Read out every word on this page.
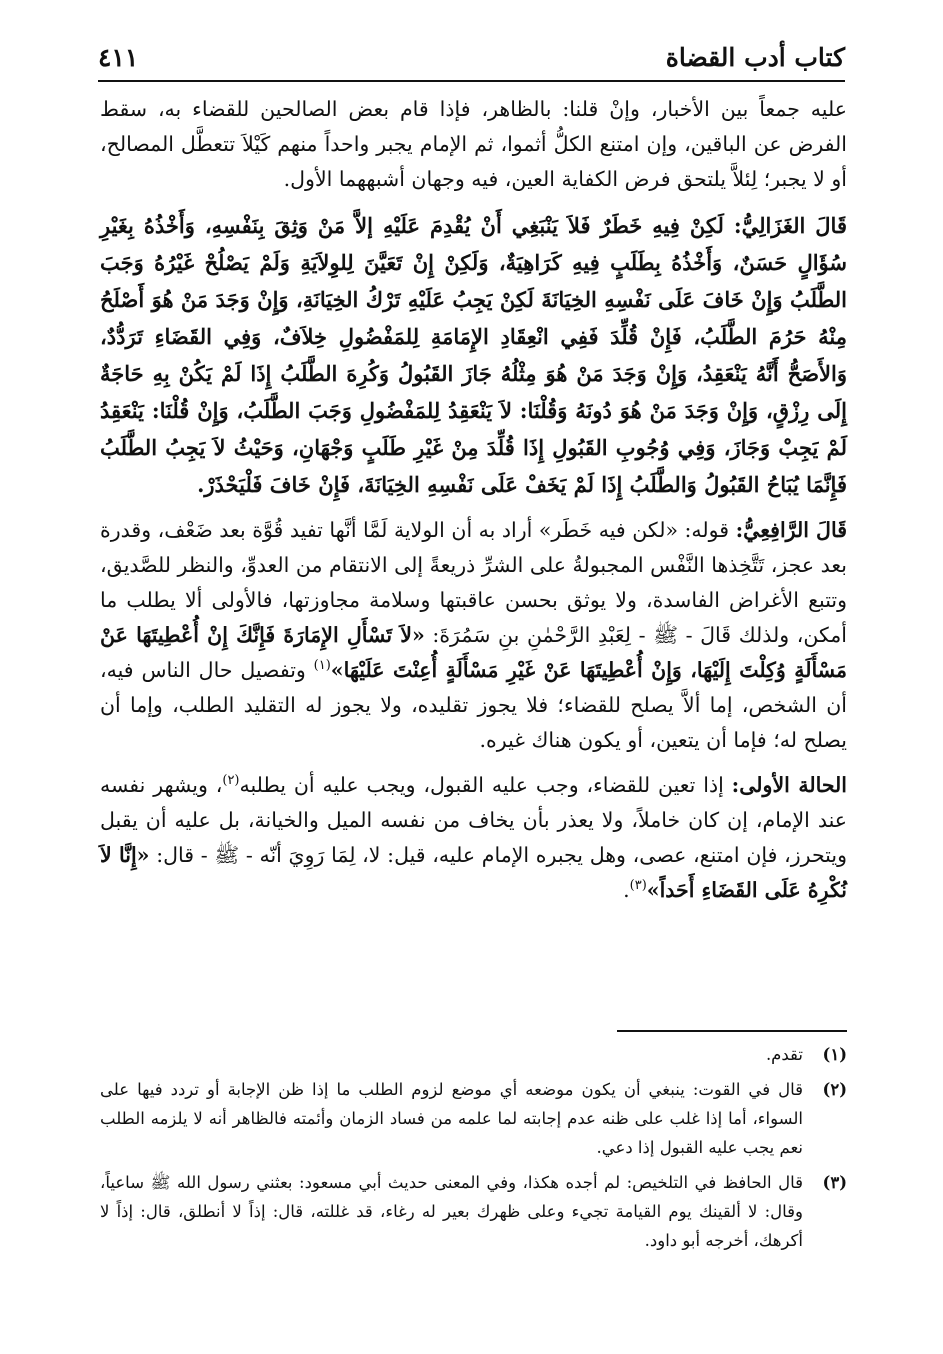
كتاب أدب القضاة
٤١١

عليه جمعاً بين الأخبار، وإنْ قلنا: بالظاهر، فإذا قام بعض الصالحين للقضاء به، سقط الفرض عن الباقين، وإن امتنع الكلُّ أثموا، ثم الإمام يجبر واحداً منهم كَيْلاَ تتعطَّل المصالح، أو لا يجبر؛ لِئلاَّ يلتحق فرض الكفاية العين، فيه وجهان أشبههما الأول.

قَالَ الغَزَالِيُّ: لَكِنْ فِيهِ خَطَرٌ فَلاَ يَنْبَغِي أَنْ يُقْدِمَ عَلَيْهِ إلاَّ مَنْ وَثِقَ بِنَفْسِهِ، وَأَخْذُهُ بِغَيْرِ سُؤَالٍ حَسَنٌ، وَأَخْذُهُ بِطَلَبٍ فِيهِ كَرَاهِيَةٌ، وَلَكِنْ إِنْ تَعَيَّنَ لِلوِلاَيَةِ وَلَمْ يَصْلُحْ غَيْرُهُ وَجَبَ الطَّلَبُ وَإِنْ خَافَ عَلَى نَفْسِهِ الخِيَانَةَ لَكِنْ يَجِبُ عَلَيْهِ تَرْكُ الخِيَانَةِ، وَإِنْ وَجَدَ مَنْ هُوَ أَصْلَحُ مِنْهُ حَرُمَ الطَّلَبُ، فَإِنْ قُلِّدَ فَفِي انْعِقَادِ الإِمَامَةِ لِلمَفْضُولِ خِلاَفٌ، وَفِي القَضَاءِ تَرَدُّدٌ، وَالأَصَحُّ أَنَّهُ يَنْعَقِدُ، وَإِنْ وَجَدَ مَنْ هُوَ مِثْلُهُ جَازَ القَبُولُ وَكُرِهَ الطَّلَبُ إِذَا لَمْ يَكُنْ بِهِ حَاجَةٌ إِلَى رِزْقٍ، وَإِنْ وَجَدَ مَنْ هُوَ دُونَهُ وَقُلْنَا: لاَ يَنْعَقِدُ لِلمَفْضُولِ وَجَبَ الطَّلَبُ، وَإِنْ قُلْنَا: يَنْعَقِدُ لَمْ يَجِبْ وَجَازَ، وَفِي وُجُوبِ القَبُولِ إِذَا قُلِّدَ مِنْ غَيْرِ طَلَبٍ وَجْهَانِ، وَحَيْثُ لاَ يَجِبُ الطَّلَبُ فَإِنَّمَا يُبَاحُ القَبُولُ وَالطَّلَبُ إِذَا لَمْ يَخَفْ عَلَى نَفْسِهِ الخِيَانَةَ، فَإِنْ خَافَ فَلْيَحْذَرْ.

قَالَ الرَّافِعِيُّ: قوله: «لكن فيه خَطَر» أراد به أن الولاية لَمَّا أنَّها تفيد قُوَّة بعد ضَعْف، وقدرة بعد عجز، تَتَّخِذها النَّفْس المجبولةُ على الشرِّ ذريعةً إلى الانتقام من العدوِّ، والنظر للصَّديق، وتتبع الأغراض الفاسدة، ولا يوثق بحسن عاقبتها وسلامة مجاوزتها، فالأولى ألا يطلب ما أمكن، ولذلك قَالَ - ﷺ - لِعَبْدِ الرَّحْمٰنِ بنِ سَمُرَةَ: «لاَ تَسْأَلِ الإِمَارَةَ فَإِنَّكَ إِنْ أُعْطِيتَهَا عَنْ مَسْأَلَةٍ وُكِلْتَ إِلَيْهَا، وَإِنْ أُعْطِيتَهَا عَنْ غَيْرِ مَسْأَلَةٍ أُعِنْتَ عَلَيْهَا»$^{(١)}$ وتفصيل حال الناس فيه، أن الشخص، إما ألاَّ يصلح للقضاء؛ فلا يجوز تقليده، ولا يجوز له التقليد الطلب، وإما أن يصلح له؛ فإما أن يتعين، أو يكون هناك غيره.

الحالة الأولى: إذا تعين للقضاء، وجب عليه القبول، ويجب عليه أن يطلبه$^{(٢)}$، ويشهر نفسه عند الإمام، إن كان خاملاً، ولا يعذر بأن يخاف من نفسه الميل والخيانة، بل عليه أن يقبل ويتحرز، فإن امتنع، عصى، وهل يجبره الإمام عليه، قيل: لا، لِمَا رَوِيَ أنّه - ﷺ - قال: «إِنَّا لاَ نُكْرِهُ عَلَى القَضَاءِ أَحَداً»$^{(٣)}$.

(١)
تقدم.
(٢)
قال في القوت: ينبغي أن يكون موضعه أي موضع لزوم الطلب ما إذا ظن الإجابة أو تردد فيها على السواء، أما إذا غلب على ظنه عدم إجابته لما علمه من فساد الزمان وأئمته فالظاهر أنه لا يلزمه الطلب نعم يجب عليه القبول إذا دعي.
(٣)
قال الحافظ في التلخيص: لم أجده هكذا، وفي المعنى حديث أبي مسعود: بعثني رسول الله ﷺ ساعياً، وقال: لا ألقينك يوم القيامة تجيء وعلى ظهرك بعير له رغاء، قد غللته، قال: إذاً لا أنطلق، قال: إذاً لا أكرهك، أخرجه أبو داود.
